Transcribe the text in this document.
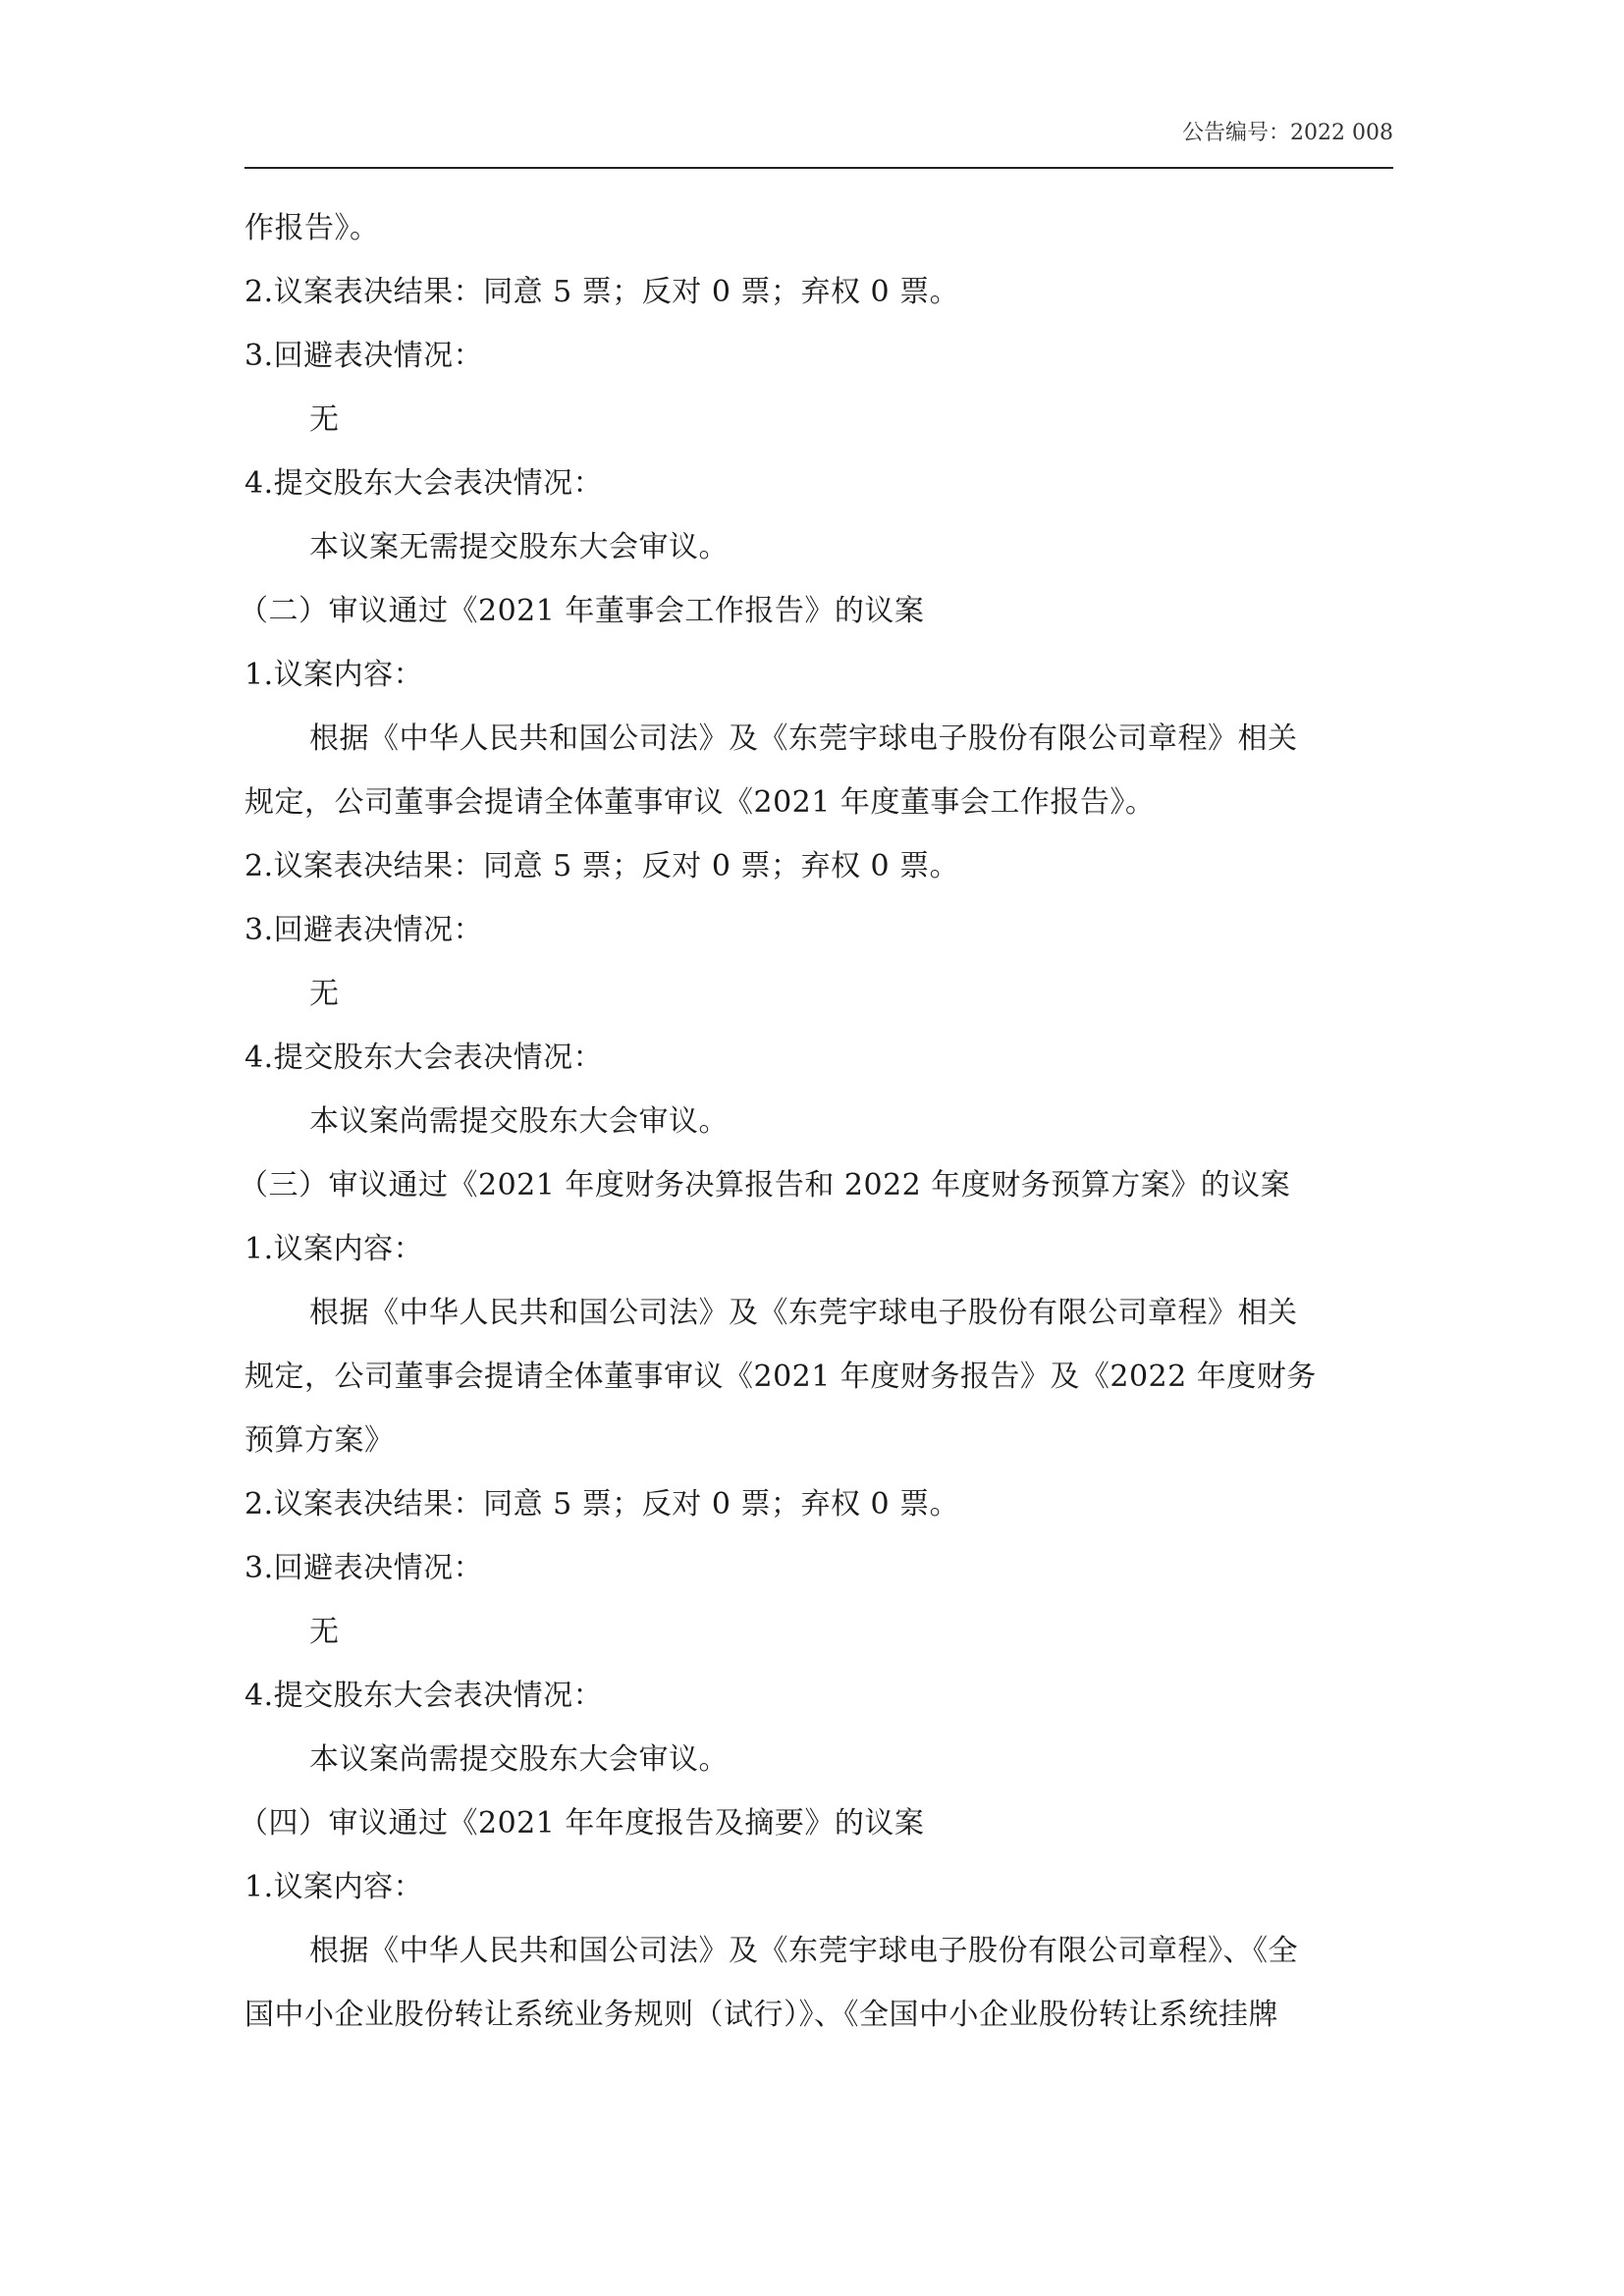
公告编号：2022 008
作报告》。
2.议案表决结果：同意 5 票；反对 0 票；弃权 0 票。
3.回避表决情况：
无
4.提交股东大会表决情况：
本议案无需提交股东大会审议。
（二）审议通过《2021 年董事会工作报告》的议案
1.议案内容：
根据《中华人民共和国公司法》及《东莞宇球电子股份有限公司章程》相关
规定，公司董事会提请全体董事审议《2021 年度董事会工作报告》。
2.议案表决结果：同意 5 票；反对 0 票；弃权 0 票。
3.回避表决情况：
无
4.提交股东大会表决情况：
本议案尚需提交股东大会审议。
（三）审议通过《2021 年度财务决算报告和 2022 年度财务预算方案》的议案
1.议案内容：
根据《中华人民共和国公司法》及《东莞宇球电子股份有限公司章程》相关
规定，公司董事会提请全体董事审议《2021 年度财务报告》及《2022 年度财务
预算方案》
2.议案表决结果：同意 5 票；反对 0 票；弃权 0 票。
3.回避表决情况：
无
4.提交股东大会表决情况：
本议案尚需提交股东大会审议。
（四）审议通过《2021 年年度报告及摘要》的议案
1.议案内容：
根据《中华人民共和国公司法》及《东莞宇球电子股份有限公司章程》、《全
国中小企业股份转让系统业务规则（试行）》、《全国中小企业股份转让系统挂牌
